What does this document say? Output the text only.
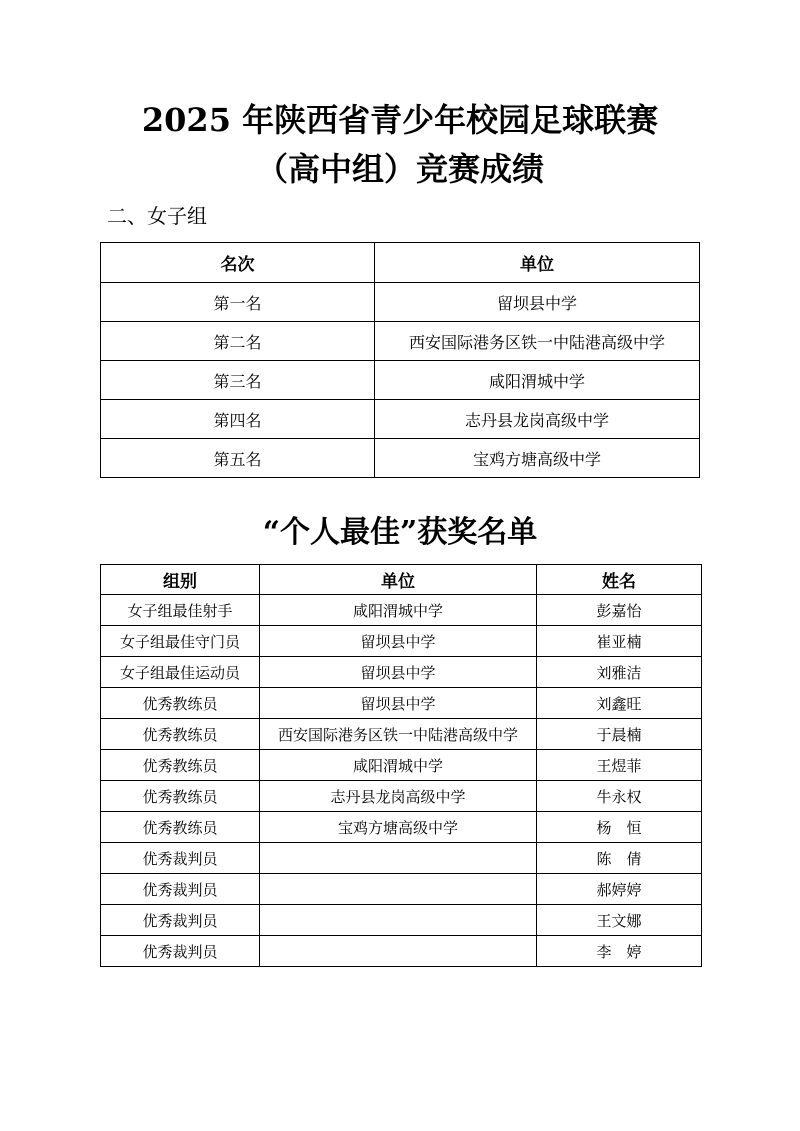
2025 年陕西省青少年校园足球联赛
（高中组）竞赛成绩
二、女子组
名次	单位
第一名	留坝县中学
第二名	西安国际港务区铁一中陆港高级中学
第三名	咸阳渭城中学
第四名	志丹县龙岗高级中学
第五名	宝鸡方塘高级中学
“个人最佳”获奖名单
组别	单位	姓名
女子组最佳射手	咸阳渭城中学	彭嘉怡
女子组最佳守门员	留坝县中学	崔亚楠
女子组最佳运动员	留坝县中学	刘雅洁
优秀教练员	留坝县中学	刘鑫旺
优秀教练员	西安国际港务区铁一中陆港高级中学	于晨楠
优秀教练员	咸阳渭城中学	王煜菲
优秀教练员	志丹县龙岗高级中学	牛永权
优秀教练员	宝鸡方塘高级中学	杨　恒
优秀裁判员		陈　倩
优秀裁判员		郝婷婷
优秀裁判员		王文娜
优秀裁判员		李　婷
